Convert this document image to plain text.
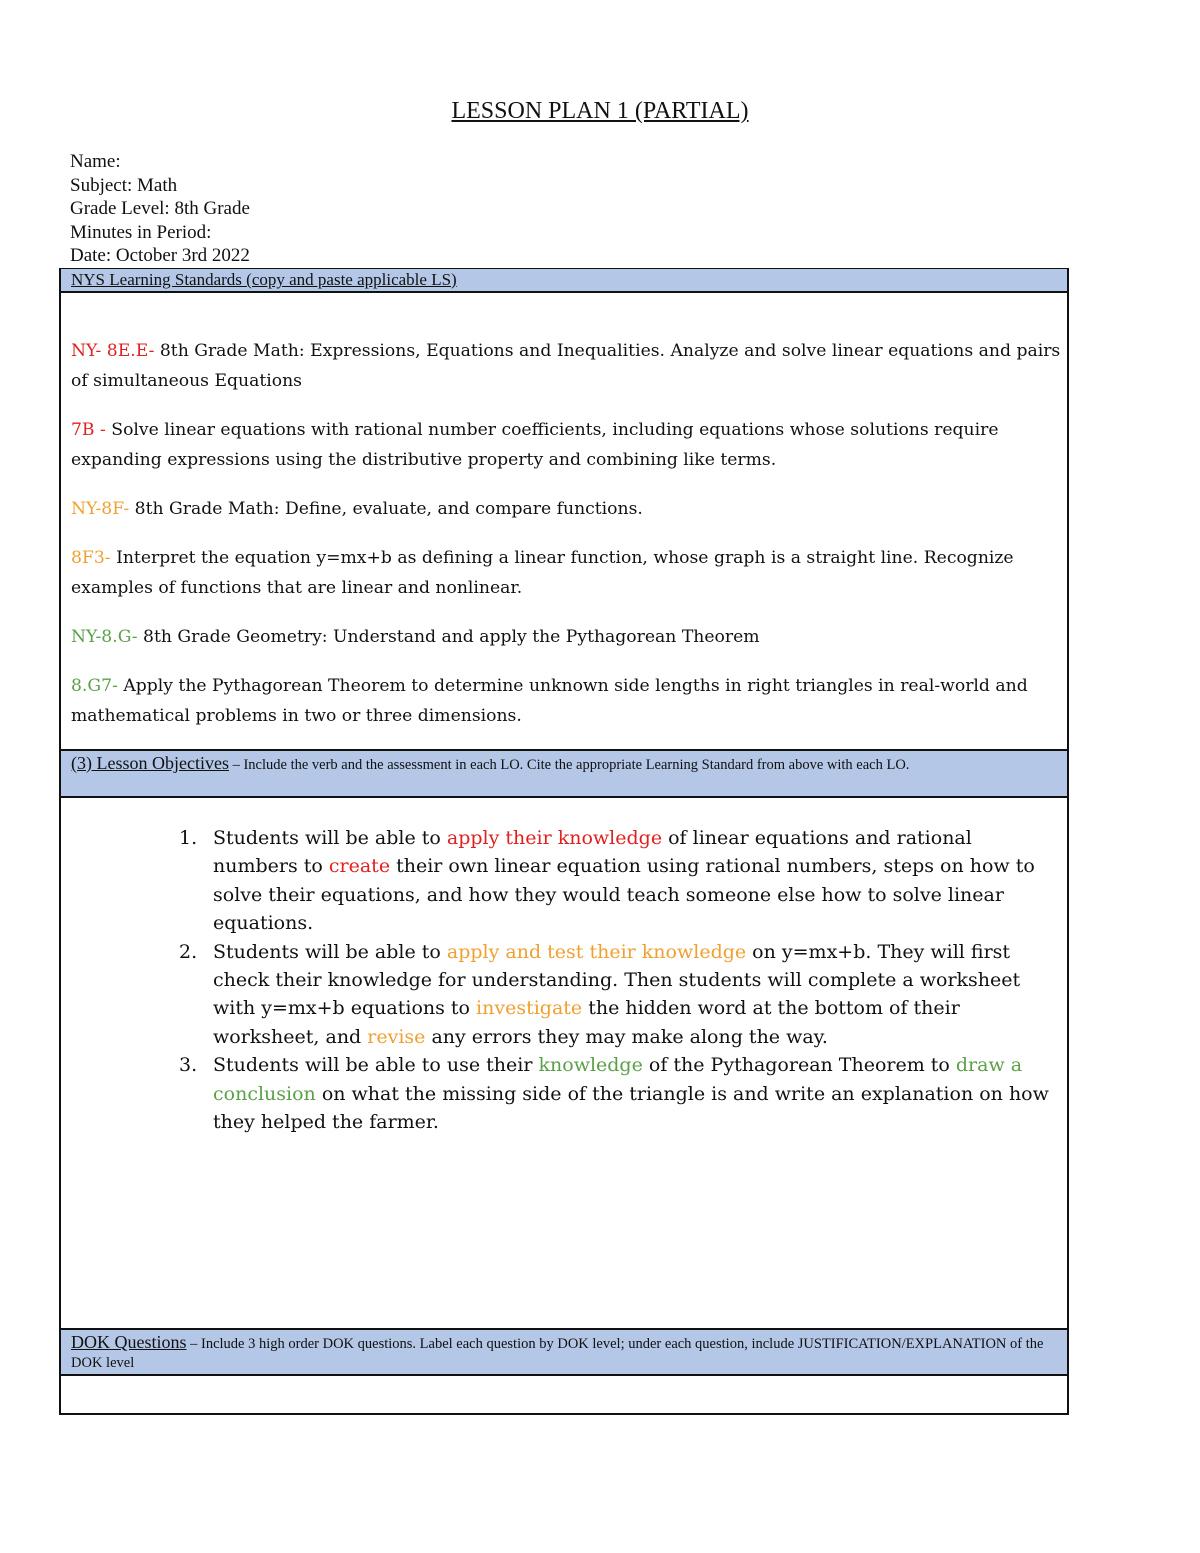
LESSON PLAN 1 (PARTIAL)
Name:
Subject: Math
Grade Level: 8th Grade
Minutes in Period:
Date: October 3rd 2022
NYS Learning Standards (copy and paste applicable LS)

NY- 8E.E- 8th Grade Math: Expressions, Equations and Inequalities. Analyze and solve linear equations and pairs of simultaneous Equations

7B - Solve linear equations with rational number coefficients, including equations whose solutions require expanding expressions using the distributive property and combining like terms.

NY-8F- 8th Grade Math: Define, evaluate, and compare functions.

8F3- Interpret the equation y=mx+b as defining a linear function, whose graph is a straight line. Recognize examples of functions that are linear and nonlinear.

NY-8.G- 8th Grade Geometry: Understand and apply the Pythagorean Theorem

8.G7- Apply the Pythagorean Theorem to determine unknown side lengths in right triangles in real-world and mathematical problems in two or three dimensions.

(3) Lesson Objectives – Include the verb and the assessment in each LO. Cite the appropriate Learning Standard from above with each LO.
1. Students will be able to apply their knowledge of linear equations and rational numbers to create their own linear equation using rational numbers, steps on how to solve their equations, and how they would teach someone else how to solve linear equations.
2. Students will be able to apply and test their knowledge on y=mx+b. They will first check their knowledge for understanding. Then students will complete a worksheet with y=mx+b equations to investigate the hidden word at the bottom of their worksheet, and revise any errors they may make along the way.
3. Students will be able to use their knowledge of the Pythagorean Theorem to draw a conclusion on what the missing side of the triangle is and write an explanation on how they helped the farmer.
DOK Questions – Include 3 high order DOK questions. Label each question by DOK level; under each question, include JUSTIFICATION/EXPLANATION of the DOK level
